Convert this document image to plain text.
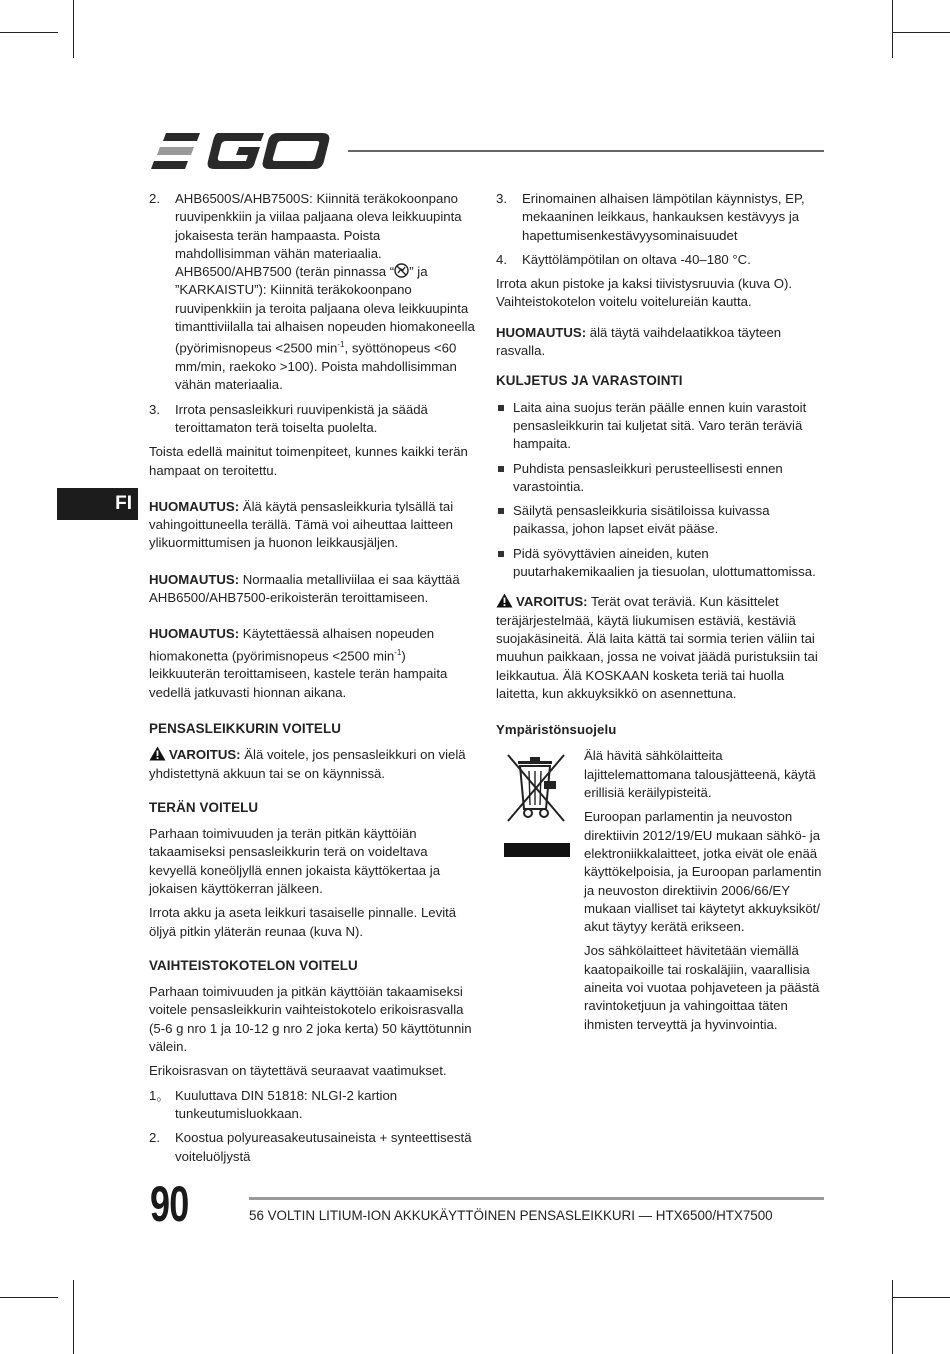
FI
2. AHB6500S/AHB7500S: Kiinnitä teräkokoonpano ruuvipenkkiin ja viilaa paljaana oleva leikkuupinta jokaisesta terän hampaasta. Poista mahdollisimman vähän materiaalia. AHB6500/AHB7500 (terän pinnassa “ ” ja ”KARKAISTU”): Kiinnitä teräkokoonpano ruuvipenkkiin ja teroita paljaana oleva leikkuupinta timanttiviilalla tai alhaisen nopeuden hiomakoneella (pyörimisnopeus <2500 $\min^{-1}$, syöttönopeus <60 mm/min, raekoko >100). Poista mahdollisimman vähän materiaalia.
3. Irrota pensasleikkuri ruuvipenkistä ja säädä teroittamaton terä toiselta puolelta.

Toista edellä mainitut toimenpiteet, kunnes kaikki terän hampaat on teroitettu.

HUOMAUTUS: Älä käytä pensasleikkuria tylsällä tai vahingoittuneella terällä. Tämä voi aiheuttaa laitteen ylikuormittumisen ja huonon leikkausjäljen.

HUOMAUTUS: Normaalia metalliviilaa ei saa käyttää AHB6500/AHB7500-erikoisterän teroittamiseen.

HUOMAUTUS: Käytettäessä alhaisen nopeuden hiomakonetta (pyörimisnopeus <2500 $\min^{-1}$) leikkuuterän teroittamiseen, kastele terän hampaita vedellä jatkuvasti hionnan aikana.

PENSASLEIKKURIN VOITELU

VAROITUS: Älä voitele, jos pensasleikkuri on vielä yhdistettynä akkuun tai se on käynnissä.

TERÄN VOITELU

Parhaan toimivuuden ja terän pitkän käyttöiän takaamiseksi pensasleikkurin terä on voideltava kevyellä koneöljyllä ennen jokaista käyttökertaa ja jokaisen käyttökerran jälkeen.

Irrota akku ja aseta leikkuri tasaiselle pinnalle. Levitä öljyä pitkin yläterän reunaa (kuva N).

VAIHTEISTOKOTELON VOITELU

Parhaan toimivuuden ja pitkän käyttöiän takaamiseksi voitele pensasleikkurin vaihteistokotelo erikoisrasvalla (5-6 g nro 1 ja 10-12 g nro 2 joka kerta) 50 käyttötunnin välein.

Erikoisrasvan on täytettävä seuraavat vaatimukset.

1。 Kuuluttava DIN 51818: NLGI-2 kartion tunkeutumisluokkaan.
2. Koostua polyureasakeutusaineista + synteettisestä voiteluöljystä
3. Erinomainen alhaisen lämpötilan käynnistys, EP, mekaaninen leikkaus, hankauksen kestävyys ja hapettumisenkestävyysominaisuudet
4. Käyttölämpötilan on oltava -40–180 °C.

Irrota akun pistoke ja kaksi tiivistysruuvia (kuva O). Vaihteistokotelon voitelu voitelureiän kautta.

HUOMAUTUS: älä täytä vaihdelaatikkoa täyteen rasvalla.

KULJETUS JA VARASTOINTI
Laita aina suojus terän päälle ennen kuin varastoit pensasleikkurin tai kuljetat sitä. Varo terän teräviä hampaita.
Puhdista pensasleikkuri perusteellisesti ennen varastointia.
Säilytä pensasleikkuria sisätiloissa kuivassa paikassa, johon lapset eivät pääse.
Pidä syövyttävien aineiden, kuten puutarhakemikaalien ja tiesuolan, ulottumattomissa.

VAROITUS: Terät ovat teräviä. Kun käsittelet teräjärjestelmää, käytä liukumisen estäviä, kestäviä suojakäsineitä. Älä laita kättä tai sormia terien väliin tai muuhun paikkaan, jossa ne voivat jäädä puristuksiin tai leikkautua. Älä KOSKAAN kosketa teriä tai huolla laitetta, kun akkuyksikkö on asennettuna.

Ympäristönsuojelu

Älä hävitä sähkölaitteita lajittelemattomana talousjätteenä, käytä erillisiä keräilypisteitä.

Euroopan parlamentin ja neuvoston direktiivin 2012/19/EU mukaan sähkö- ja elektroniikkalaitteet, jotka eivät ole enää käyttökelpoisia, ja Euroopan parlamentin ja neuvoston direktiivin 2006/66/EY mukaan vialliset tai käytetyt akkuyksiköt/ akut täytyy kerätä erikseen.

Jos sähkölaitteet hävitetään viemällä kaatopaikoille tai roskaläjiin, vaarallisia aineita voi vuotaa pohjaveteen ja päästä ravintoketjuun ja vahingoittaa täten ihmisten terveyttä ja hyvinvointia.

90	56 VOLTIN LITIUM-ION AKKUKÄYTTÖINEN PENSASLEIKKURI — HTX6500/HTX7500
